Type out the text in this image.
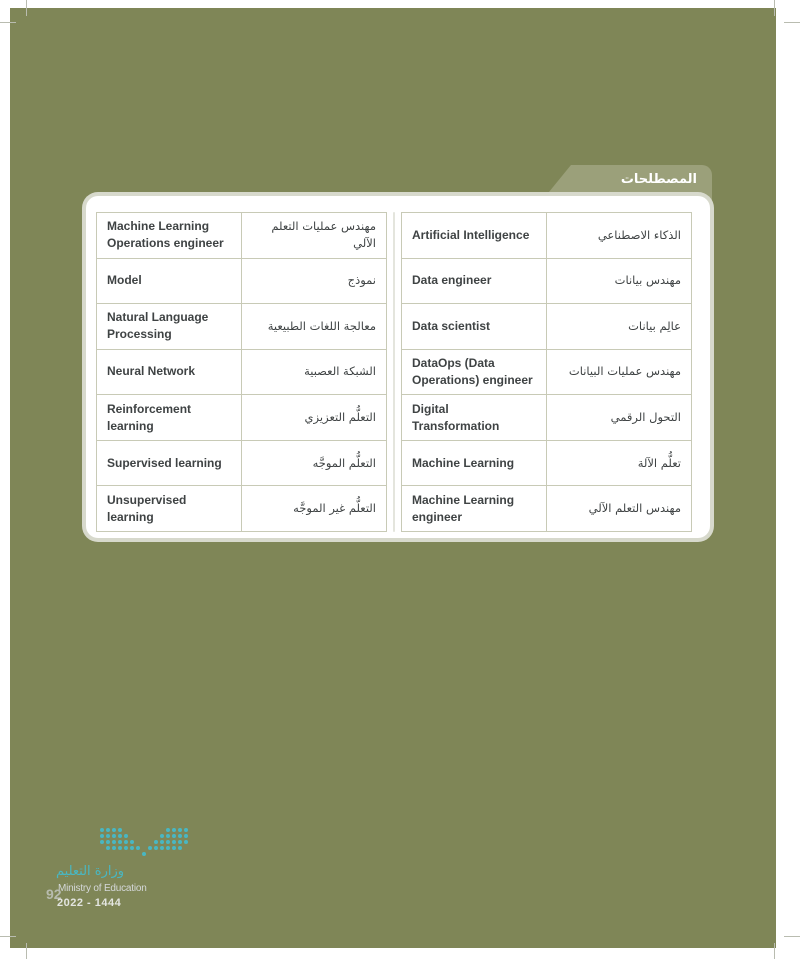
المصطلحات
Machine Learning Operations engineer	مهندس عمليات التعلم الآلي
Model	نموذج
Natural Language Processing	معالجة اللغات الطبيعية
Neural Network	الشبكة العصبية
Reinforcement learning	التعلُّم التعزيزي
Supervised learning	التعلُّم الموجَّه
Unsupervised learning	التعلُّم غير الموجَّه
Artificial Intelligence	الذكاء الاصطناعي
Data engineer	مهندس بيانات
Data scientist	عالِم بيانات
DataOps (Data Operations) engineer	مهندس عمليات البيانات
Digital Transformation	التحول الرقمي
Machine Learning	تعلُّم الآلة
Machine Learning engineer	مهندس التعلم الآلي
وزارة التعليم
Ministry of Education
92
2022 - 1444
